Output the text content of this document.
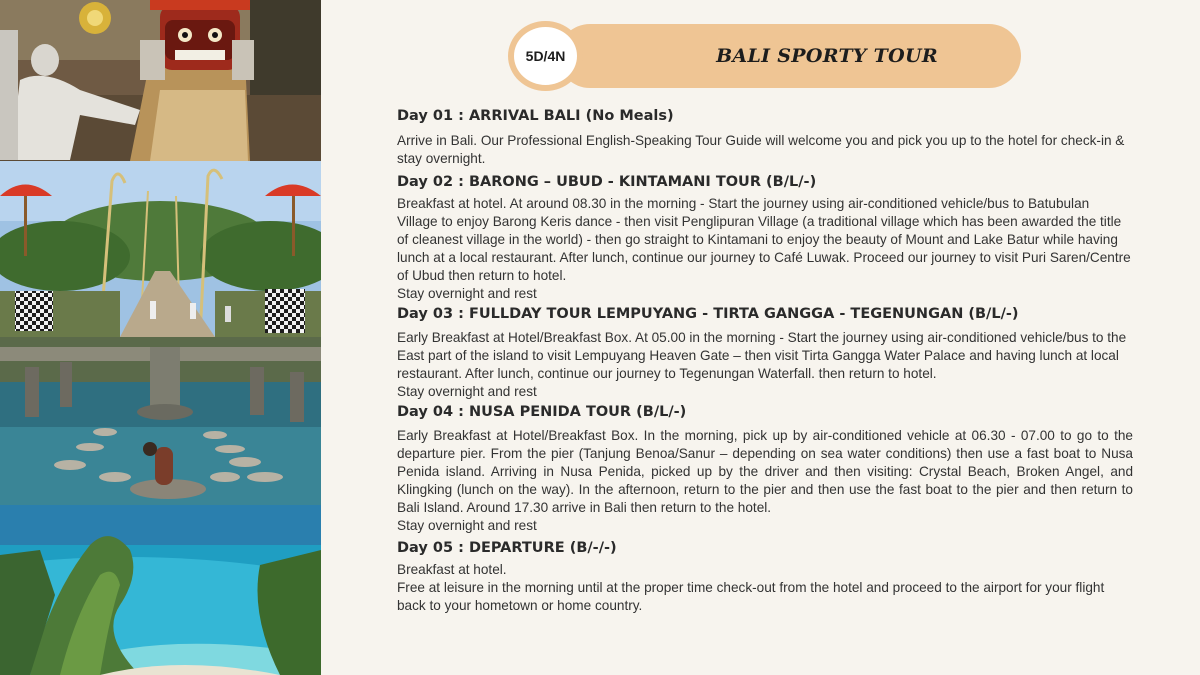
BALI SPORTY TOUR
5D/4N
Day 01 : ARRIVAL BALI (No Meals)

Arrive in Bali. Our Professional English-Speaking Tour Guide will welcome you and pick you up to the hotel for check-in & stay overnight.

Day 02 : BARONG – UBUD - KINTAMANI TOUR (B/L/-)

Breakfast at hotel. At around 08.30 in the morning - Start the journey using air-conditioned vehicle/bus to Batubulan Village to enjoy Barong Keris dance - then visit Penglipuran Village (a traditional village which has been awarded the title of cleanest village in the world) - then go straight to Kintamani to enjoy the beauty of Mount and Lake Batur while having lunch at a local restaurant. After lunch, continue our journey to Café Luwak. Proceed our journey to visit Puri Saren/Centre of Ubud then return to hotel.

Stay overnight and rest

Day 03 : FULLDAY TOUR LEMPUYANG - TIRTA GANGGA - TEGENUNGAN (B/L/-)

Early Breakfast at Hotel/Breakfast Box. At 05.00 in the morning - Start the journey using air-conditioned vehicle/bus to the East part of the island to visit Lempuyang Heaven Gate – then visit Tirta Gangga Water Palace and having lunch at local restaurant. After lunch, continue our journey to Tegenungan Waterfall. then return to hotel.

Stay overnight and rest

Day 04 : NUSA PENIDA TOUR (B/L/-)

Early Breakfast at Hotel/Breakfast Box. In the morning, pick up by air-conditioned vehicle at 06.30 - 07.00 to go to the departure pier. From the pier (Tanjung Benoa/Sanur – depending on sea water conditions) then use a fast boat to Nusa Penida island. Arriving in Nusa Penida, picked up by the driver and then visiting: Crystal Beach, Broken Angel, and Klingking (lunch on the way). In the afternoon, return to the pier and then use the fast boat to the pier and then return to Bali Island. Around 17.30 arrive in Bali then return to the hotel.

Stay overnight and rest

Day 05 : DEPARTURE (B/-/-)

Breakfast at hotel.

Free at leisure in the morning until at the proper time check-out from the hotel and proceed to the airport for your flight back to your hometown or home country.
